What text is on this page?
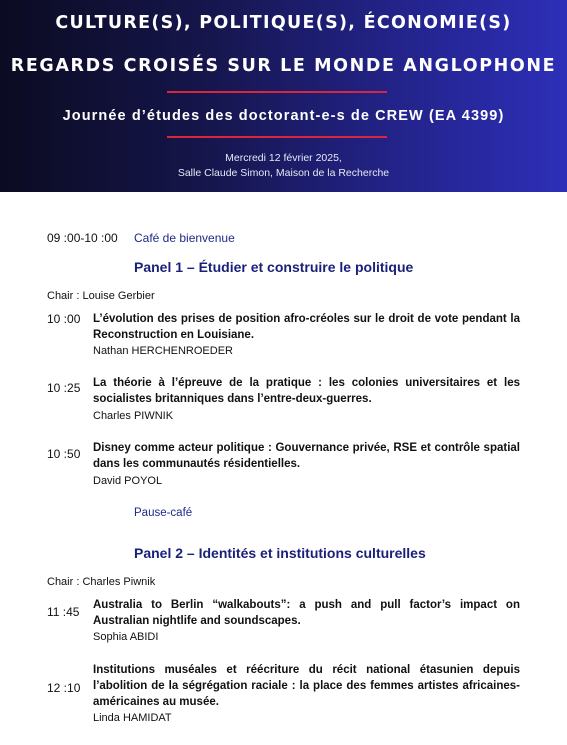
CULTURE(S), POLITIQUE(S), ÉCONOMIE(S)
REGARDS CROISÉS SUR LE MONDE ANGLOPHONE
Journée d’études des doctorant-e-s de CREW (EA 4399)
Mercredi 12 février 2025,
Salle Claude Simon, Maison de la Recherche
09 :00-10 :00 Café de bienvenue
Panel 1 – Étudier et construire le politique
Chair : Louise Gerbier
10 :00 L’évolution des prises de position afro-créoles sur le droit de vote pendant la Reconstruction en Louisiane.
Nathan HERCHENROEDER
10 :25 La théorie à l’épreuve de la pratique : les colonies universitaires et les socialistes britanniques dans l’entre-deux-guerres.
Charles PIWNIK
10 :50 Disney comme acteur politique : Gouvernance privée, RSE et contrôle spatial dans les communautés résidentielles.
David POYOL
Pause-café
Panel 2 – Identités et institutions culturelles
Chair : Charles Piwnik
11 :45 Australia to Berlin “walkabouts”: a push and pull factor’s impact on Australian nightlife and soundscapes.
Sophia ABIDI
12 :10
Institutions muséales et réécriture du récit national étasunien depuis l’abolition de la ségrégation raciale : la place des femmes artistes africaines-américaines au musée.
Linda HAMIDAT
